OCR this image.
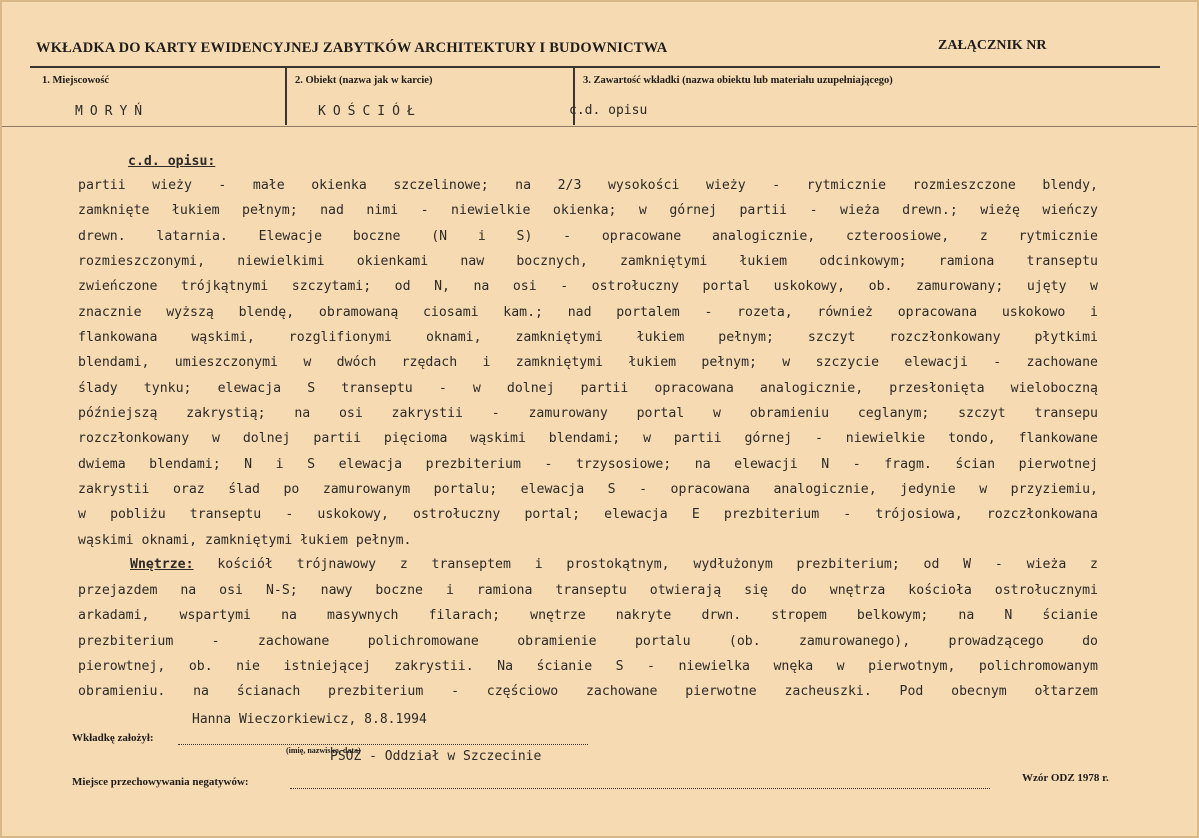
WKŁADKA DO KARTY EWIDENCYJNEJ ZABYTKÓW ARCHITEKTURY I BUDOWNICTWA	ZAŁĄCZNIK NR
1. Miejscowość
MORYŃ
2. Obiekt (nazwa jak w karcie)
KOŚCIÓŁ
3. Zawartość wkładki (nazwa obiektu lub materiału uzupełniającego)
c.d. opisu
c.d. opisu:
partii wieży - małe okienka szczelinowe; na 2/3 wysokości wieży - rytmicznie rozmieszczone blendy,
zamknięte łukiem pełnym; nad nimi - niewielkie okienka; w górnej partii - wieża drewn.; wieżę wieńczy
drewn. latarnia. Elewacje boczne (N i S) - opracowane analogicznie, czteroosiowe, z rytmicznie
rozmieszczonymi, niewielkimi okienkami naw bocznych, zamkniętymi łukiem odcinkowym; ramiona transeptu
zwieńczone trójkątnymi szczytami; od N, na osi - ostrołuczny portal uskokowy, ob. zamurowany; ujęty w
znacznie wyższą blendę, obramowaną ciosami kam.; nad portalem - rozeta, również opracowana uskokowo i
flankowana wąskimi, rozglifionymi oknami, zamkniętymi łukiem pełnym; szczyt rozczłonkowany płytkimi
blendami, umieszczonymi w dwóch rzędach i zamkniętymi łukiem pełnym; w szczycie elewacji - zachowane
ślady tynku; elewacja S transeptu - w dolnej partii opracowana analogicznie, przesłonięta wieloboczną
późniejszą zakrystią; na osi zakrystii - zamurowany portal w obramieniu ceglanym; szczyt transepu
rozczłonkowany w dolnej partii pięcioma wąskimi blendami; w partii górnej - niewielkie tondo, flankowane
dwiema blendami; N i S elewacja prezbiterium - trzysosiowe; na elewacji N - fragm. ścian pierwotnej
zakrystii oraz ślad po zamurowanym portalu; elewacja S - opracowana analogicznie, jedynie w przyziemiu,
w pobliżu transeptu - uskokowy, ostrołuczny portal; elewacja E prezbiterium - trójosiowa, rozczłonkowana
wąskimi oknami, zamkniętymi łukiem pełnym.
Wnętrze: kościół trójnawowy z transeptem i prostokątnym, wydłużonym prezbiterium; od W - wieża z
przejazdem na osi N-S; nawy boczne i ramiona transeptu otwierają się do wnętrza kościoła ostrołucznymi
arkadami, wspartymi na masywnych filarach; wnętrze nakryte drwn. stropem belkowym; na N ścianie
prezbiterium - zachowane polichromowane obramienie portalu (ob. zamurowanego), prowadzącego do
pierowtnej, ob. nie istniejącej zakrystii. Na ścianie S - niewielka wnęka w pierwotnym, polichromowanym
obramieniu. na ścianach prezbiterium - częściowo zachowane pierwotne zacheuszki. Pod obecnym ołtarzem
Hanna Wieczorkiewicz, 8.8.1994
Wkładkę założył:
(imię, nazwisko, data)
PSOZ - Oddział w Szczecinie
Miejsce przechowywania negatywów:	Wzór ODZ 1978 r.
